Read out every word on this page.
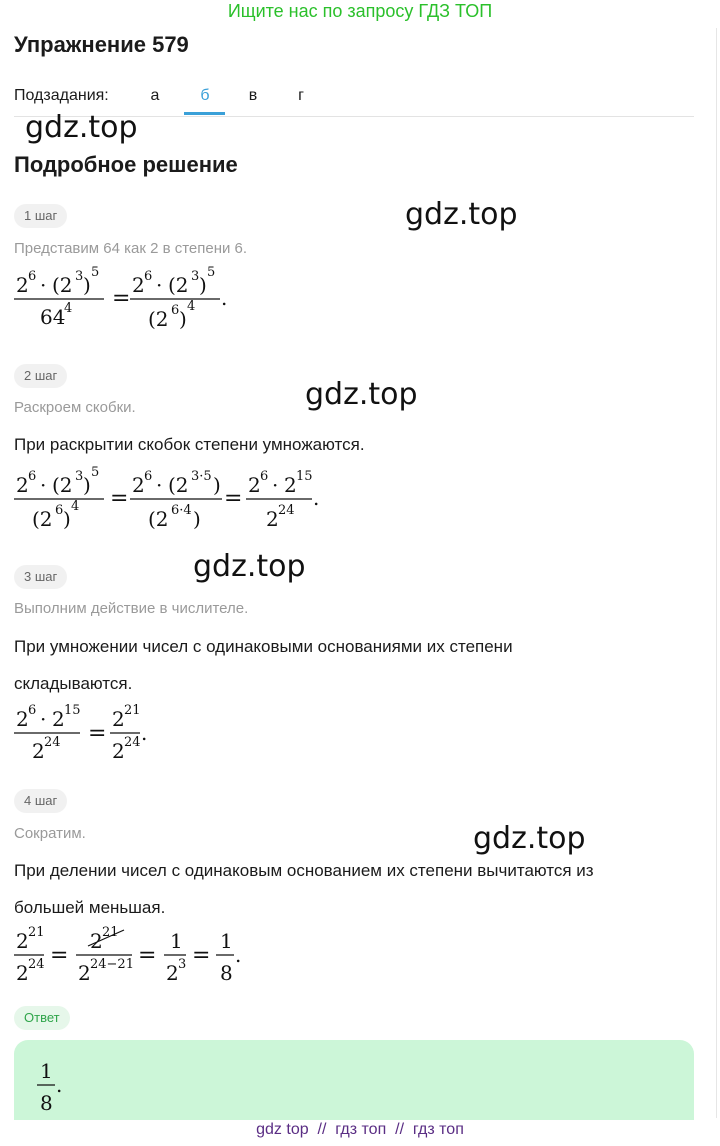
Ищите нас по запросу ГДЗ ТОП
Упражнение 579
Подзадания:	а	б	в	г
gdz.top
gdz.top
gdz.top
gdz.top
gdz.top
Подробное решение
1 шаг
Представим 64 как 2 в степени 6.
2 6 · (2 3 )
5
64
4 =
2 6 · (2 3 )
5
(2 6 )
4 .
2 шаг
Раскроем скобки.
При раскрытии скобок степени умножаются.
2 6 · (2 3 )
5
(2 6 )
4 =
2 6 · (2 3·5 )
(2 6·4 )
=
2 6 · 2 15
2 24
.
3 шаг
Выполним действие в числителе.
При умножении чисел с одинаковыми основаниями их степени
складываются.
2 6 · 2 15
2 24 =
2 21
2 24 .
4 шаг
Сократим.
При делении чисел с одинаковым основанием их степени вычитаются из
большей меньшая.
2 21
2 24 =
2 21
2 24−21 =
1
2 3 =
1
8
.
Ответ
1
8
.
gdz top // гдз топ // гдз топ
